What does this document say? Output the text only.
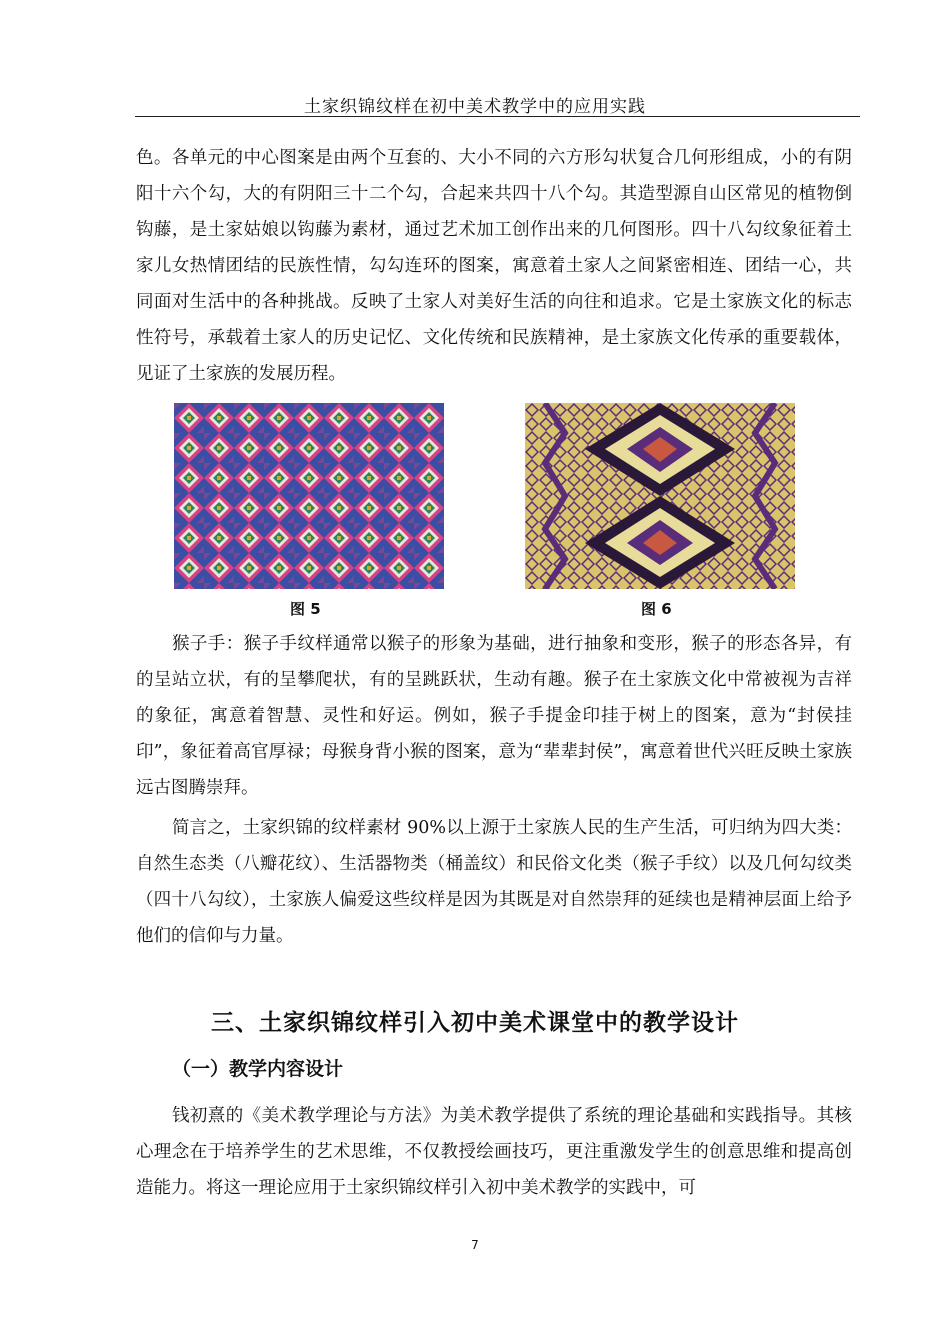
土家织锦纹样在初中美术教学中的应用实践

色。各单元的中心图案是由两个互套的、大小不同的六方形勾状复合几何形组成，小的有阴阳十六个勾，大的有阴阳三十二个勾，合起来共四十八个勾。其造型源自山区常见的植物倒钩藤，是土家姑娘以钩藤为素材，通过艺术加工创作出来的几何图形。四十八勾纹象征着土家儿女热情团结的民族性情，勾勾连环的图案，寓意着土家人之间紧密相连、团结一心，共同面对生活中的各种挑战。反映了土家人对美好生活的向往和追求。它是土家族文化的标志性符号，承载着土家人的历史记忆、文化传统和民族精神，是土家族文化传承的重要载体，见证了土家族的发展历程。

图 5	图 6

猴子手：猴子手纹样通常以猴子的形象为基础，进行抽象和变形，猴子的形态各异，有的呈站立状，有的呈攀爬状，有的呈跳跃状，生动有趣。猴子在土家族文化中常被视为吉祥的象征，寓意着智慧、灵性和好运。例如，猴子手提金印挂于树上的图案，意为“封侯挂印”，象征着高官厚禄；母猴身背小猴的图案，意为“辈辈封侯”，寓意着世代兴旺反映土家族远古图腾崇拜。

简言之，土家织锦的纹样素材 90%以上源于土家族人民的生产生活，可归纳为四大类：自然生态类（八瓣花纹）、生活器物类（桶盖纹）和民俗文化类（猴子手纹）以及几何勾纹类（四十八勾纹），土家族人偏爱这些纹样是因为其既是对自然崇拜的延续也是精神层面上给予他们的信仰与力量。

三、土家织锦纹样引入初中美术课堂中的教学设计
（一）教学内容设计

钱初熹的《美术教学理论与方法》为美术教学提供了系统的理论基础和实践指导。其核心理念在于培养学生的艺术思维，不仅教授绘画技巧，更注重激发学生的创意思维和提高创造能力。将这一理论应用于土家织锦纹样引入初中美术教学的实践中，可

7
